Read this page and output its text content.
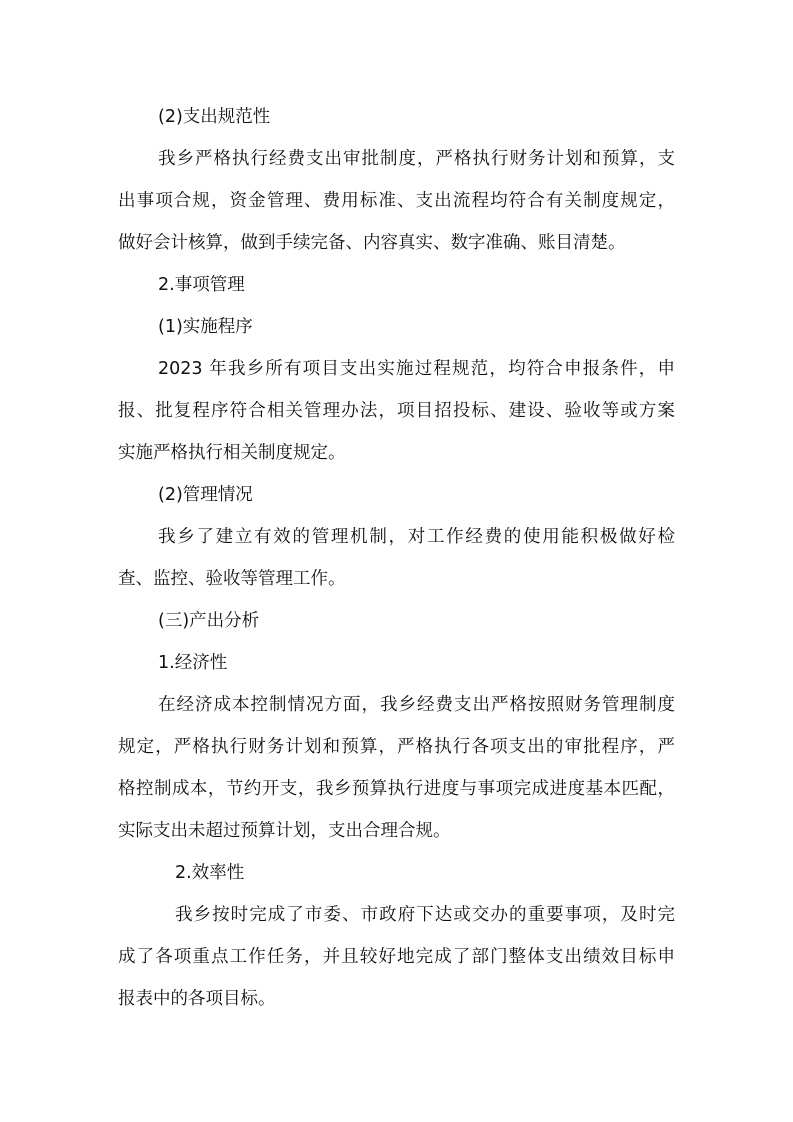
(2)支出规范性
我乡严格执行经费支出审批制度，严格执行财务计划和预算，支
出事项合规，资金管理、费用标准、支出流程均符合有关制度规定，
做好会计核算，做到手续完备、内容真实、数字准确、账目清楚。
2.事项管理
(1)实施程序
2023 年我乡所有项目支出实施过程规范，均符合申报条件，申
报、批复程序符合相关管理办法，项目招投标、建设、验收等或方案
实施严格执行相关制度规定。
(2)管理情况
我乡了建立有效的管理机制，对工作经费的使用能积极做好检
查、监控、验收等管理工作。
(三)产出分析
1.经济性
在经济成本控制情况方面，我乡经费支出严格按照财务管理制度
规定，严格执行财务计划和预算，严格执行各项支出的审批程序，严
格控制成本，节约开支，我乡预算执行进度与事项完成进度基本匹配，
实际支出未超过预算计划，支出合理合规。
2.效率性
我乡按时完成了市委、市政府下达或交办的重要事项，及时完
成了各项重点工作任务，并且较好地完成了部门整体支出绩效目标申
报表中的各项目标。
